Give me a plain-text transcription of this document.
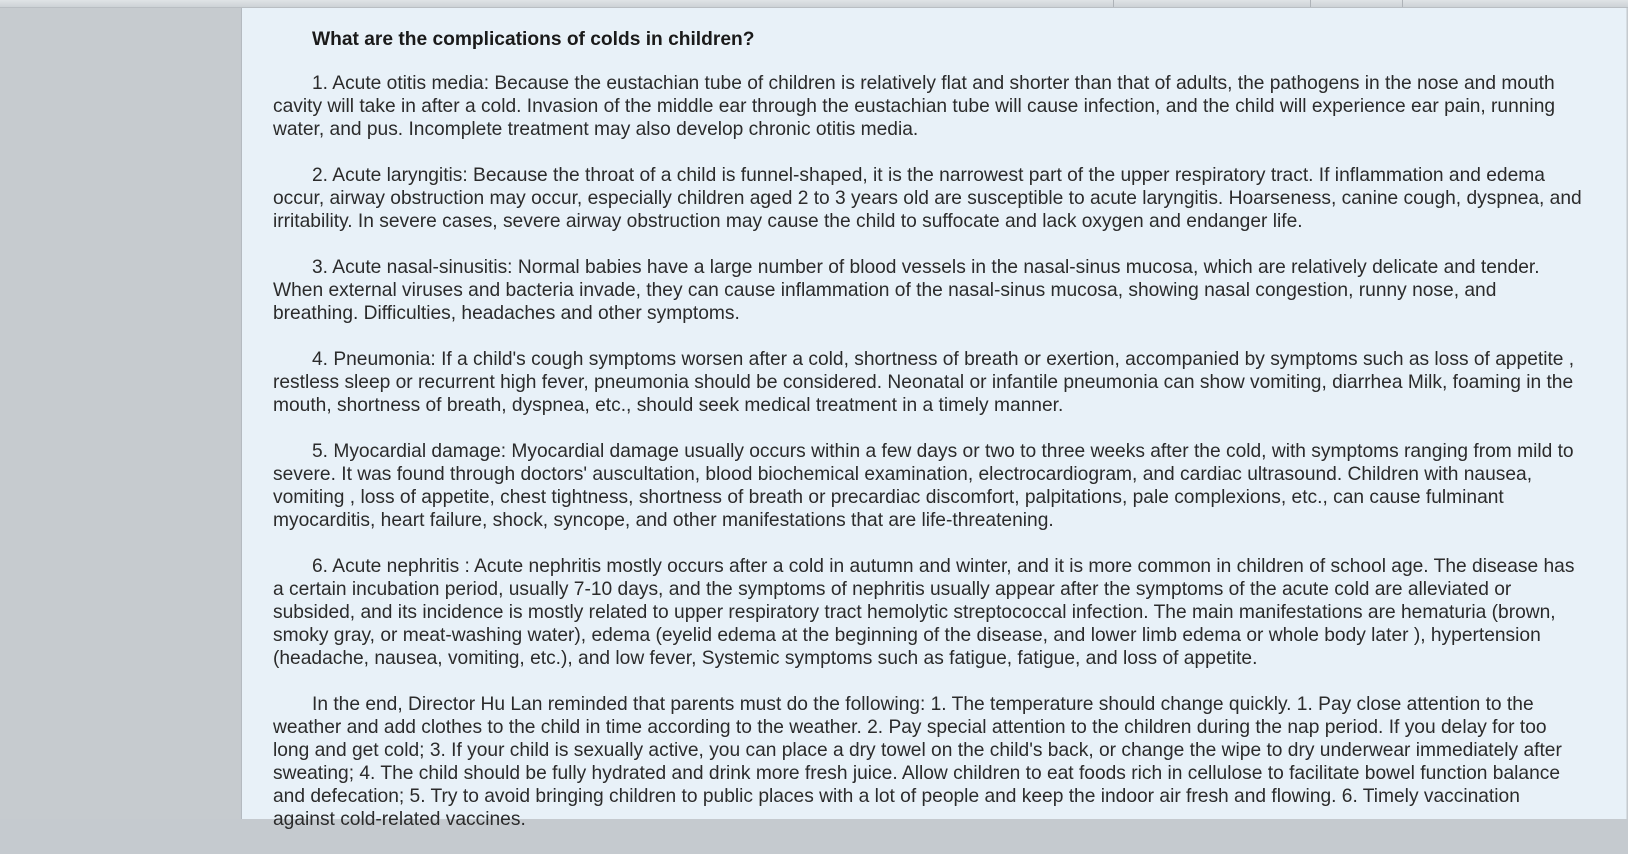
What are the complications of colds in children?

1. Acute otitis media: Because the eustachian tube of children is relatively flat and shorter than that of adults, the pathogens in the nose and mouth cavity will take in after a cold. Invasion of the middle ear through the eustachian tube will cause infection, and the child will experience ear pain, running water, and pus. Incomplete treatment may also develop chronic otitis media.

2. Acute laryngitis: Because the throat of a child is funnel-shaped, it is the narrowest part of the upper respiratory tract. If inflammation and edema occur, airway obstruction may occur, especially children aged 2 to 3 years old are susceptible to acute laryngitis. Hoarseness, canine cough, dyspnea, and irritability. In severe cases, severe airway obstruction may cause the child to suffocate and lack oxygen and endanger life.

3. Acute nasal-sinusitis: Normal babies have a large number of blood vessels in the nasal-sinus mucosa, which are relatively delicate and tender. When external viruses and bacteria invade, they can cause inflammation of the nasal-sinus mucosa, showing nasal congestion, runny nose, and breathing. Difficulties, headaches and other symptoms.

4. Pneumonia: If a child's cough symptoms worsen after a cold, shortness of breath or exertion, accompanied by symptoms such as loss of appetite , restless sleep or recurrent high fever, pneumonia should be considered. Neonatal or infantile pneumonia can show vomiting, diarrhea Milk, foaming in the mouth, shortness of breath, dyspnea, etc., should seek medical treatment in a timely manner.

5. Myocardial damage: Myocardial damage usually occurs within a few days or two to three weeks after the cold, with symptoms ranging from mild to severe. It was found through doctors' auscultation, blood biochemical examination, electrocardiogram, and cardiac ultrasound. Children with nausea, vomiting , loss of appetite, chest tightness, shortness of breath or precardiac discomfort, palpitations, pale complexions, etc., can cause fulminant myocarditis, heart failure, shock, syncope, and other manifestations that are life-threatening.

6. Acute nephritis : Acute nephritis mostly occurs after a cold in autumn and winter, and it is more common in children of school age. The disease has a certain incubation period, usually 7-10 days, and the symptoms of nephritis usually appear after the symptoms of the acute cold are alleviated or subsided, and its incidence is mostly related to upper respiratory tract hemolytic streptococcal infection. The main manifestations are hematuria (brown, smoky gray, or meat-washing water), edema (eyelid edema at the beginning of the disease, and lower limb edema or whole body later ), hypertension (headache, nausea, vomiting, etc.), and low fever, Systemic symptoms such as fatigue, fatigue, and loss of appetite.

In the end, Director Hu Lan reminded that parents must do the following: 1. The temperature should change quickly. 1. Pay close attention to the weather and add clothes to the child in time according to the weather. 2. Pay special attention to the children during the nap period. If you delay for too long and get cold; 3. If your child is sexually active, you can place a dry towel on the child's back, or change the wipe to dry underwear immediately after sweating; 4. The child should be fully hydrated and drink more fresh juice. Allow children to eat foods rich in cellulose to facilitate bowel function balance and defecation; 5. Try to avoid bringing children to public places with a lot of people and keep the indoor air fresh and flowing. 6. Timely vaccination against cold-related vaccines.
